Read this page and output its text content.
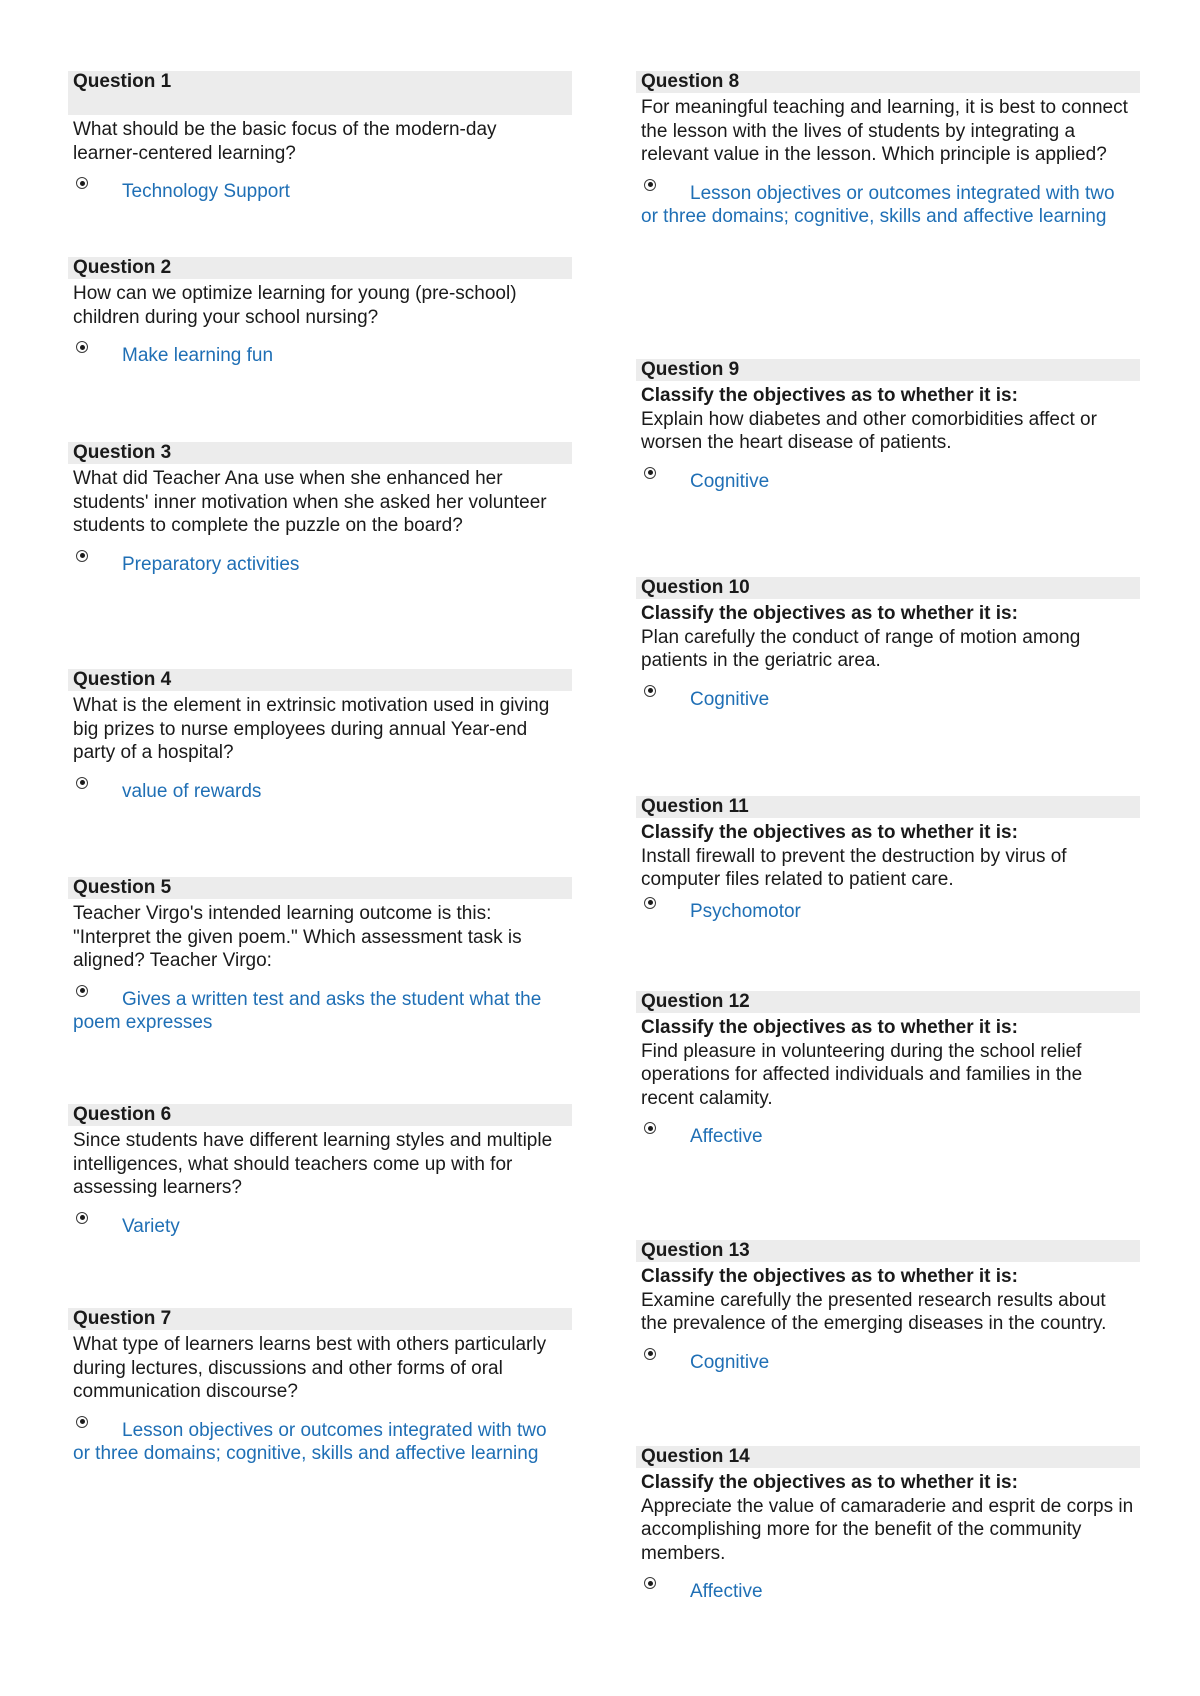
Question 1
What should be the basic focus of the modern-day learner-centered learning?
Technology Support
Question 2
How can we optimize learning for young (pre-school) children during your school nursing?
Make learning fun
Question 3
What did Teacher Ana use when she enhanced her students' inner motivation when she asked her volunteer students to complete the puzzle on the board?
Preparatory activities
Question 4
What is the element in extrinsic motivation used in giving big prizes to nurse employees during annual Year-end party of a hospital?
value of rewards
Question 5
Teacher Virgo's intended learning outcome is this: "Interpret the given poem." Which assessment task is aligned? Teacher Virgo:
Gives a written test and asks the student what the poem expresses
Question 6
Since students have different learning styles and multiple intelligences, what should teachers come up with for assessing learners?
Variety
Question 7
What type of learners learns best with others particularly during lectures, discussions and other forms of oral communication discourse?
Lesson objectives or outcomes integrated with two or three domains; cognitive, skills and affective learning
Question 8
For meaningful teaching and learning, it is best to connect the lesson with the lives of students by integrating a relevant value in the lesson. Which principle is applied?
Lesson objectives or outcomes integrated with two or three domains; cognitive, skills and affective learning
Question 9
Classify the objectives as to whether it is:
Explain how diabetes and other comorbidities affect or worsen the heart disease of patients.
Cognitive
Question 10
Classify the objectives as to whether it is:
Plan carefully the conduct of range of motion among patients in the geriatric area.
Cognitive
Question 11
Classify the objectives as to whether it is:
Install firewall to prevent the destruction by virus of computer files related to patient care.
Psychomotor
Question 12
Classify the objectives as to whether it is:
Find pleasure in volunteering during the school relief operations for affected individuals and families in the recent calamity.
Affective
Question 13
Classify the objectives as to whether it is:
Examine carefully the presented research results about the prevalence of the emerging diseases in the country.
Cognitive
Question 14
Classify the objectives as to whether it is:
Appreciate the value of camaraderie and esprit de corps in accomplishing more for the benefit of the community members.
Affective
